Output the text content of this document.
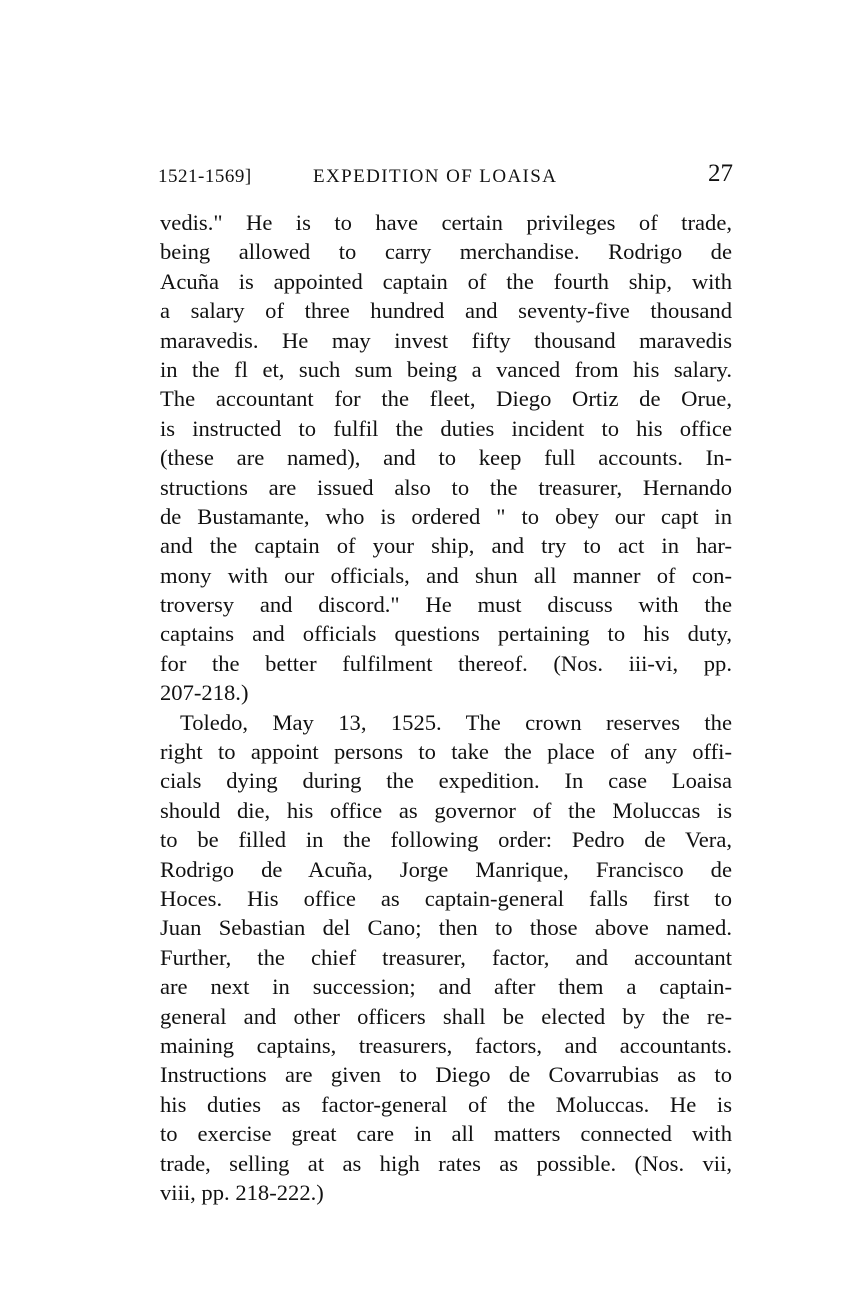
1521-1569]	EXPEDITION OF LOAISA	27
vedis." He is to have certain privileges of trade,
being allowed to carry merchandise. Rodrigo de
Acuña is appointed captain of the fourth ship, with
a salary of three hundred and seventy-five thousand
maravedis. He may invest fifty thousand maravedis
in the fl et, such sum being a vanced from his salary.
The accountant for the fleet, Diego Ortiz de Orue,
is instructed to fulfil the duties incident to his office
(these are named), and to keep full accounts. In-
structions are issued also to the treasurer, Hernando
de Bustamante, who is ordered " to obey our capt in
and the captain of your ship, and try to act in har-
mony with our officials, and shun all manner of con-
troversy and discord." He must discuss with the
captains and officials questions pertaining to his duty,
for the better fulfilment thereof. (Nos. iii-vi, pp.
207-218.)
Toledo, May 13, 1525. The crown reserves the
right to appoint persons to take the place of any offi-
cials dying during the expedition. In case Loaisa
should die, his office as governor of the Moluccas is
to be filled in the following order: Pedro de Vera,
Rodrigo de Acuña, Jorge Manrique, Francisco de
Hoces. His office as captain-general falls first to
Juan Sebastian del Cano; then to those above named.
Further, the chief treasurer, factor, and accountant
are next in succession; and after them a captain-
general and other officers shall be elected by the re-
maining captains, treasurers, factors, and accountants.
Instructions are given to Diego de Covarrubias as to
his duties as factor-general of the Moluccas. He is
to exercise great care in all matters connected with
trade, selling at as high rates as possible. (Nos. vii,
viii, pp. 218-222.)
